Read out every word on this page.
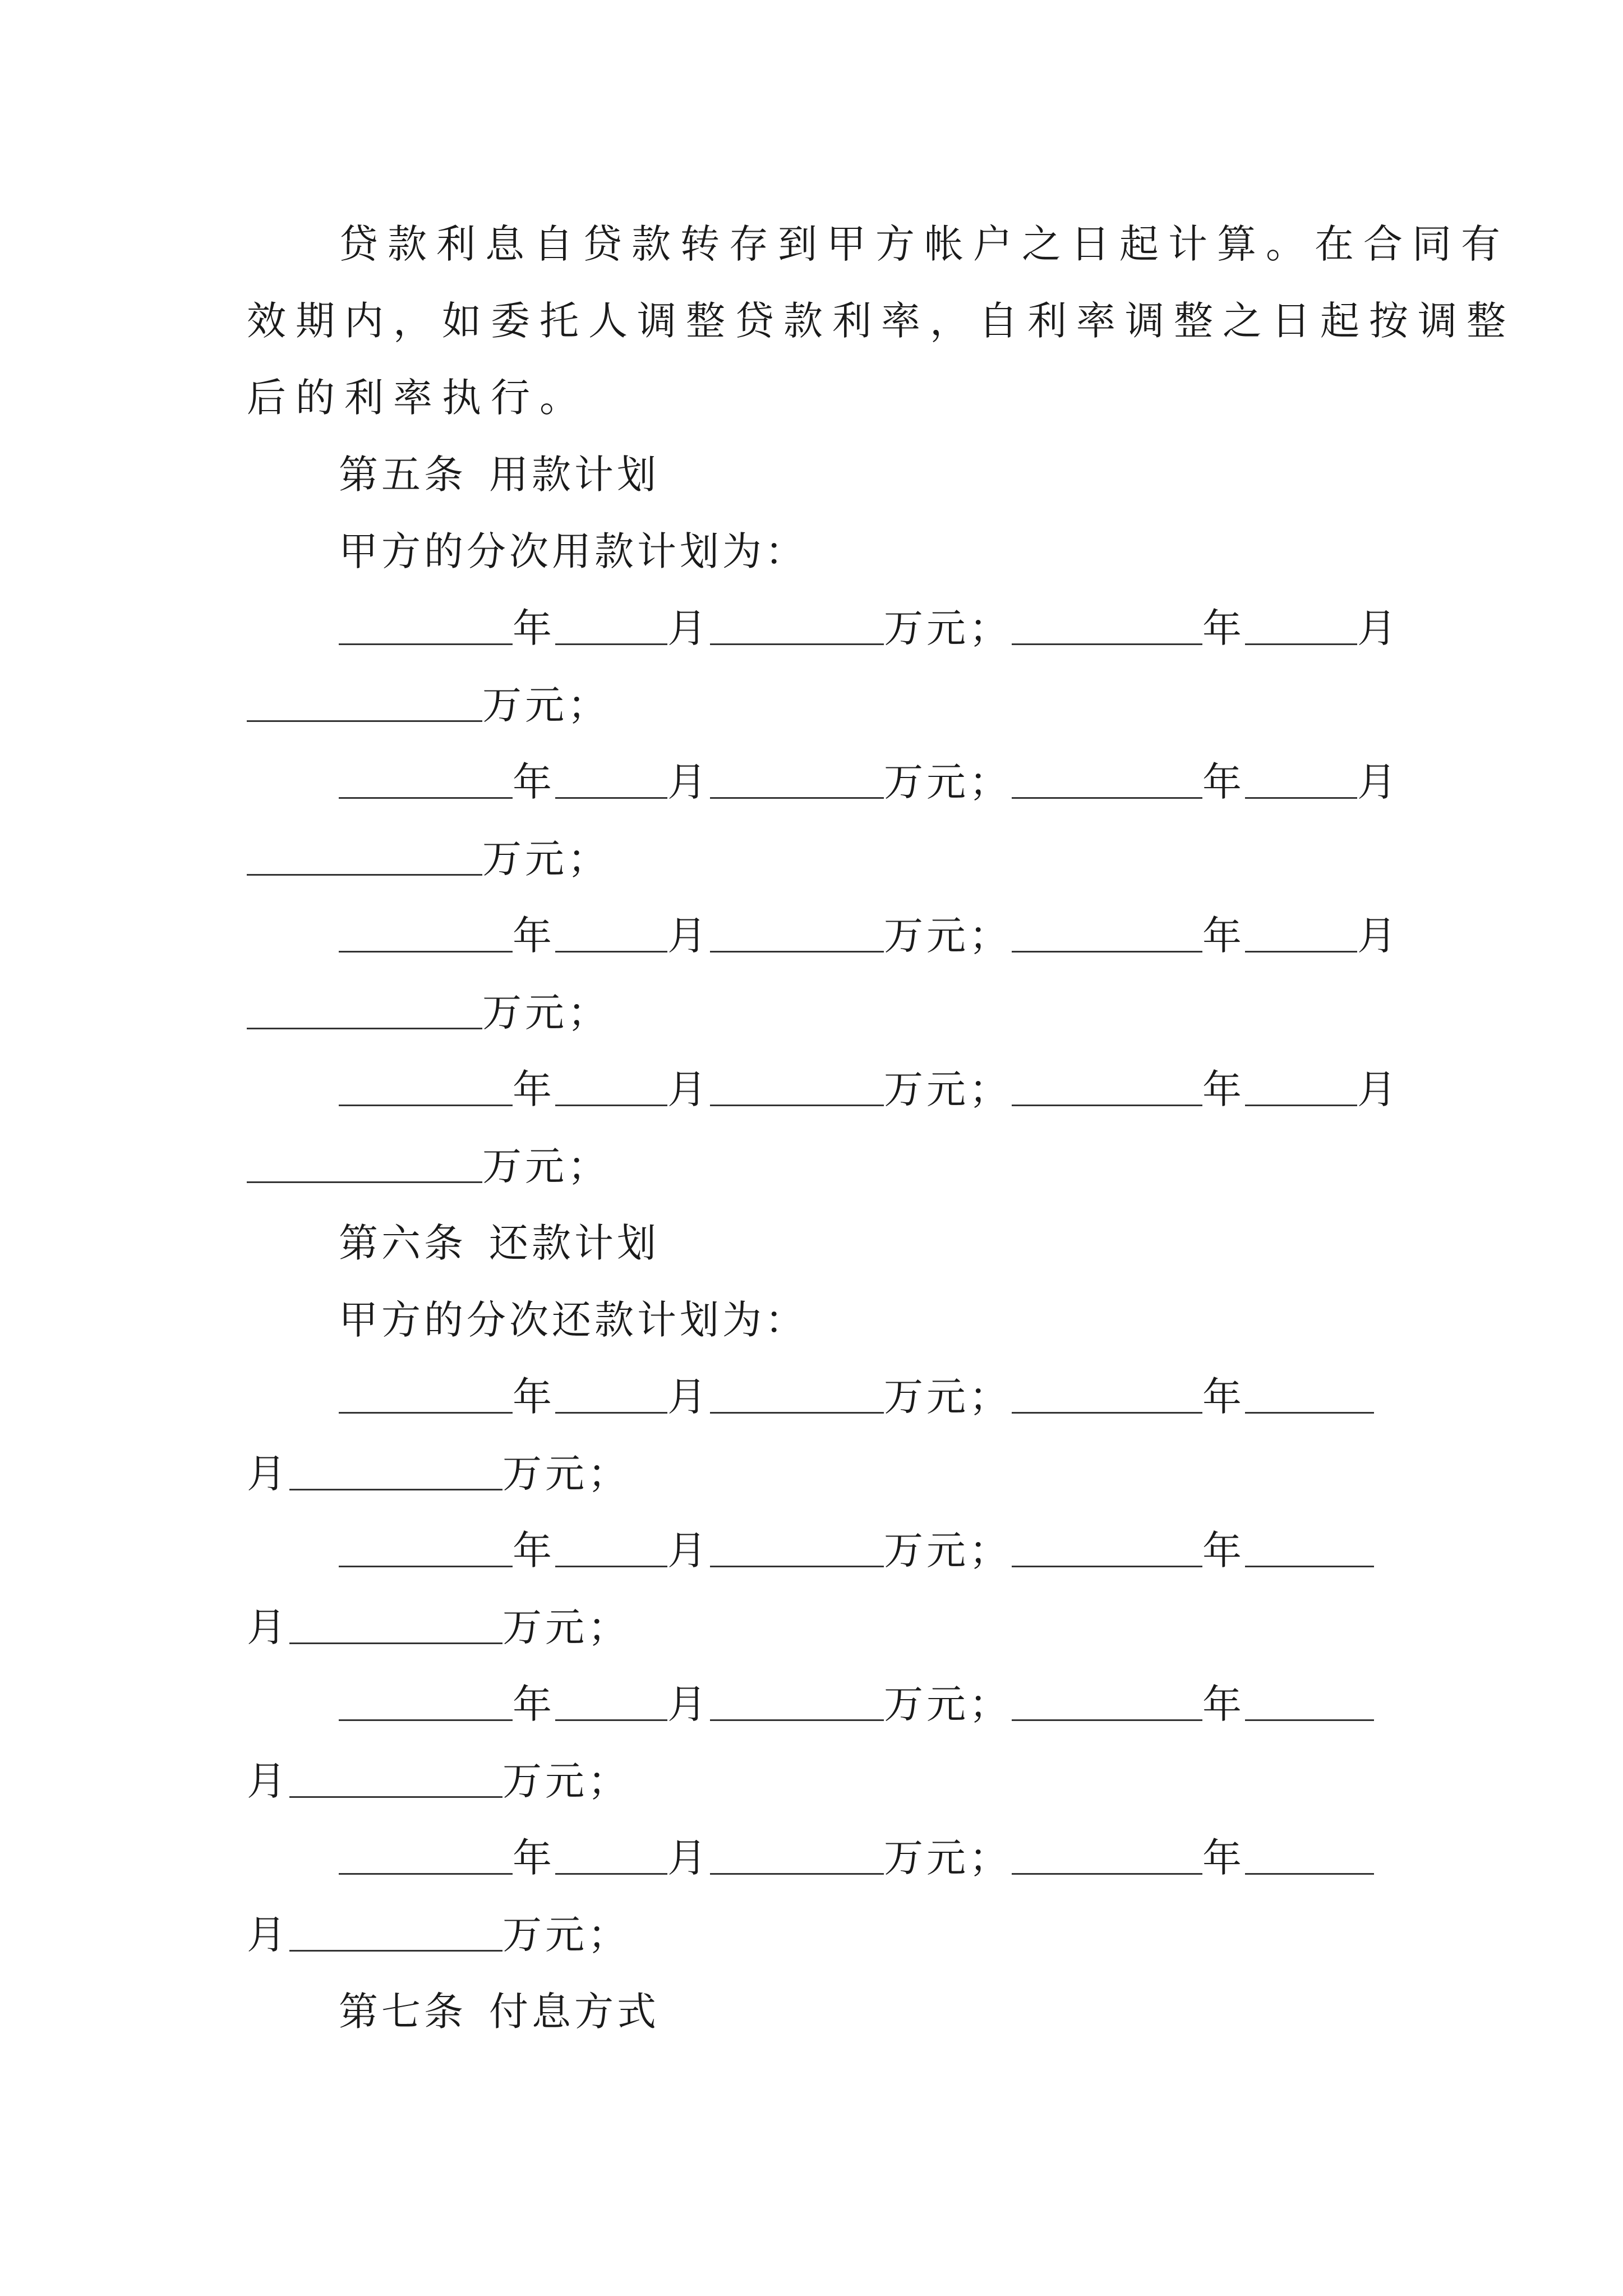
贷款利息自贷款转存到甲方帐户之日起计算。在合同有
效期内，如委托人调整贷款利率，自利率调整之日起按调整
后的利率执行。
第五条 用款计划
甲方的分次用款计划为：
年	月	万元；	年	月
万元；
年	月	万元；	年	月
万元；
年	月	万元；	年	月
万元；
年	月	万元；	年	月
万元；
第六条 还款计划
甲方的分次还款计划为：
年	月	万元；	年
月	万元；
年	月	万元；	年
月	万元；
年	月	万元；	年
月	万元；
年	月	万元；	年
月	万元；
第七条 付息方式
